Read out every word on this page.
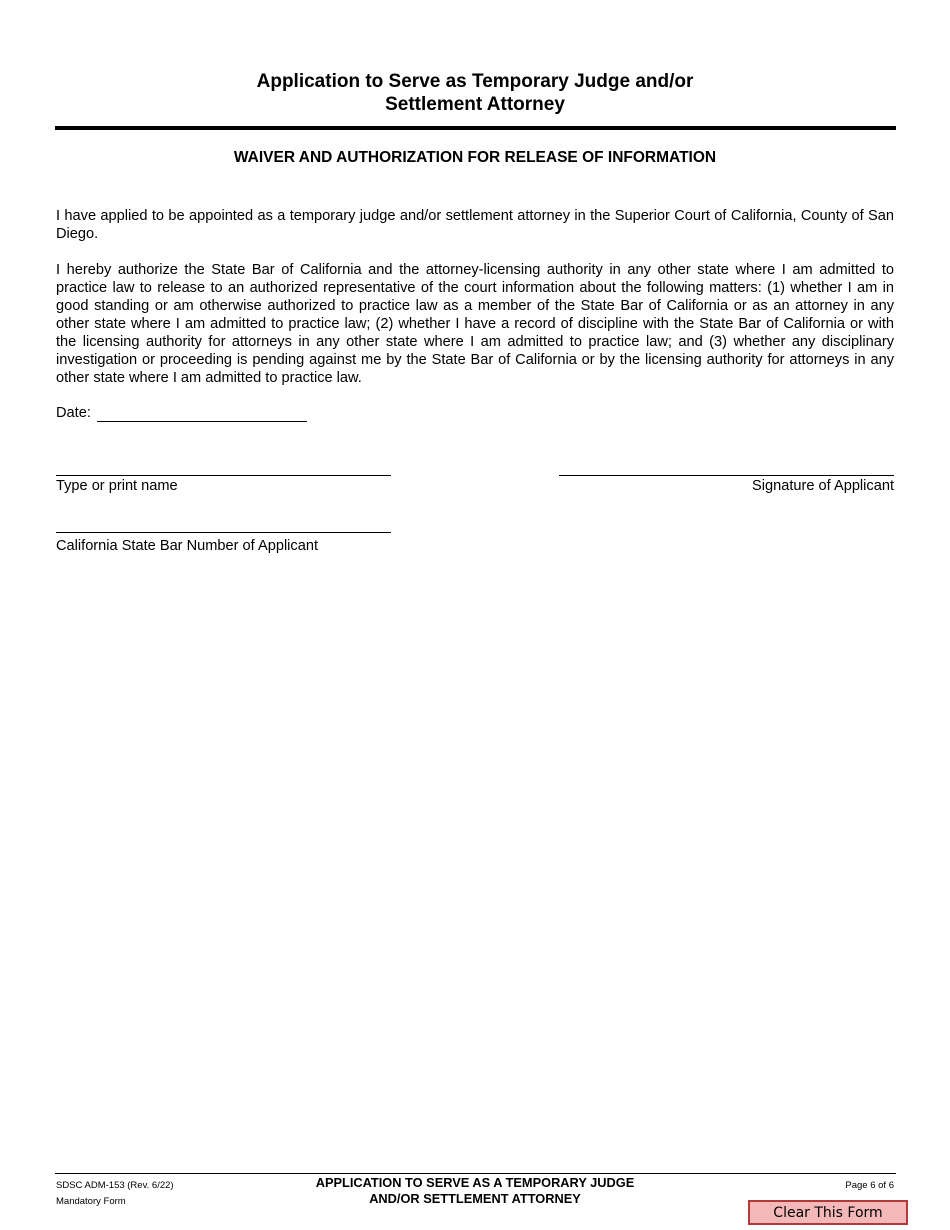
Application to Serve as Temporary Judge and/or
Settlement Attorney
WAIVER AND AUTHORIZATION FOR RELEASE OF INFORMATION
I have applied to be appointed as a temporary judge and/or settlement attorney in the Superior Court of California, County of San Diego.
I hereby authorize the State Bar of California and the attorney-licensing authority in any other state where I am admitted to practice law to release to an authorized representative of the court information about the following matters: (1) whether I am in good standing or am otherwise authorized to practice law as a member of the State Bar of California or as an attorney in any other state where I am admitted to practice law; (2) whether I have a record of discipline with the State Bar of California or with the licensing authority for attorneys in any other state where I am admitted to practice law; and (3) whether any disciplinary investigation or proceeding is pending against me by the State Bar of California or by the licensing authority for attorneys in any other state where I am admitted to practice law.
Date:
Type or print name	Signature of Applicant
California State Bar Number of Applicant
SDSC ADM-153 (Rev. 6/22)
Mandatory Form
APPLICATION TO SERVE AS A TEMPORARY JUDGE
AND/OR SETTLEMENT ATTORNEY
Page 6 of 6
Clear This Form
